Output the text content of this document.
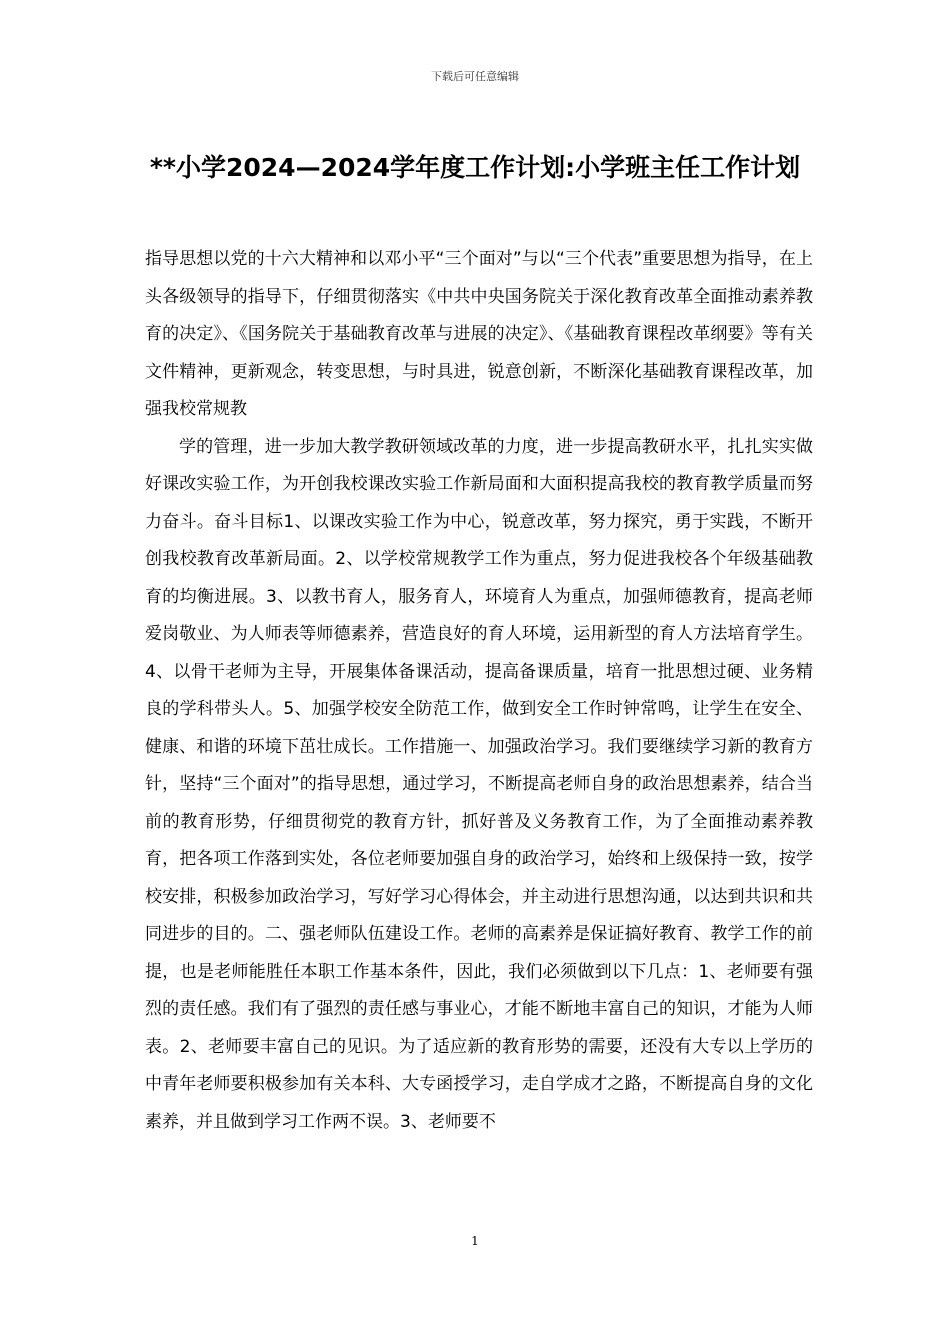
下载后可任意编辑
**小学2024—2024学年度工作计划:小学班主任工作计划

指导思想以党的十六大精神和以邓小平“三个面对”与以“三个代表”重要思想为指导，在上头各级领导的指导下，仔细贯彻落实《中共中央国务院关于深化教育改革全面推动素养教育的决定》、《国务院关于基础教育改革与进展的决定》、《基础教育课程改革纲要》等有关文件精神，更新观念，转变思想，与时具进，锐意创新，不断深化基础教育课程改革，加强我校常规教

学的管理，进一步加大教学教研领域改革的力度，进一步提高教研水平，扎扎实实做好课改实验工作，为开创我校课改实验工作新局面和大面积提高我校的教育教学质量而努力奋斗。奋斗目标1、以课改实验工作为中心，锐意改革，努力探究，勇于实践，不断开创我校教育改革新局面。2、以学校常规教学工作为重点，努力促进我校各个年级基础教育的均衡进展。3、以教书育人，服务育人，环境育人为重点，加强师德教育，提高老师爱岗敬业、为人师表等师德素养，营造良好的育人环境，运用新型的育人方法培育学生。4、以骨干老师为主导，开展集体备课活动，提高备课质量，培育一批思想过硬、业务精良的学科带头人。5、加强学校安全防范工作，做到安全工作时钟常鸣，让学生在安全、健康、和谐的环境下茁壮成长。工作措施一、加强政治学习。我们要继续学习新的教育方针，坚持“三个面对”的指导思想，通过学习，不断提高老师自身的政治思想素养，结合当前的教育形势，仔细贯彻党的教育方针，抓好普及义务教育工作，为了全面推动素养教育，把各项工作落到实处，各位老师要加强自身的政治学习，始终和上级保持一致，按学校安排，积极参加政治学习，写好学习心得体会，并主动进行思想沟通，以达到共识和共同进步的目的。二、强老师队伍建设工作。老师的高素养是保证搞好教育、教学工作的前提，也是老师能胜任本职工作基本条件，因此，我们必须做到以下几点：1、老师要有强烈的责任感。我们有了强烈的责任感与事业心，才能不断地丰富自己的知识，才能为人师表。2、老师要丰富自己的见识。为了适应新的教育形势的需要，还没有大专以上学历的中青年老师要积极参加有关本科、大专函授学习，走自学成才之路，不断提高自身的文化素养，并且做到学习工作两不误。3、老师要不

1
